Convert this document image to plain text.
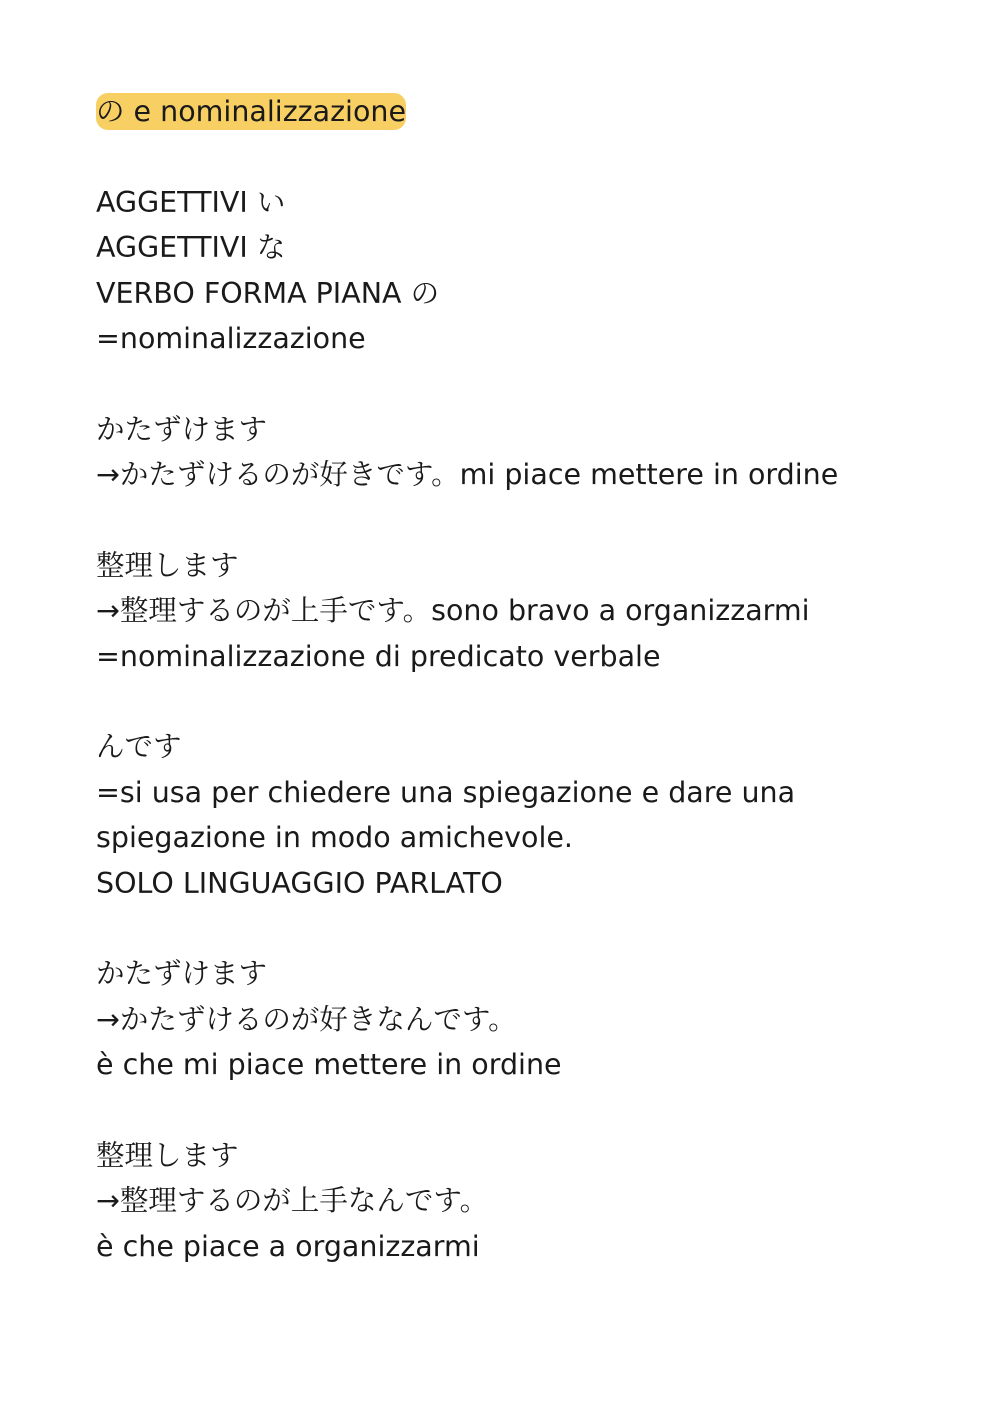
の e nominalizzazione
AGGETTIVI い
AGGETTIVI な
VERBO FORMA PIANA の
=nominalizzazione
かたずけます
→かたずけるのが好きです。mi piace mettere in ordine
整理します
→整理するのが上手です。sono bravo a organizzarmi
=nominalizzazione di predicato verbale
んです
=si usa per chiedere una spiegazione e dare una spiegazione in modo amichevole.
SOLO LINGUAGGIO PARLATO
かたずけます
→かたずけるのが好きなんです。
è che mi piace mettere in ordine
整理します
→整理するのが上手なんです。
è che piace a organizzarmi
